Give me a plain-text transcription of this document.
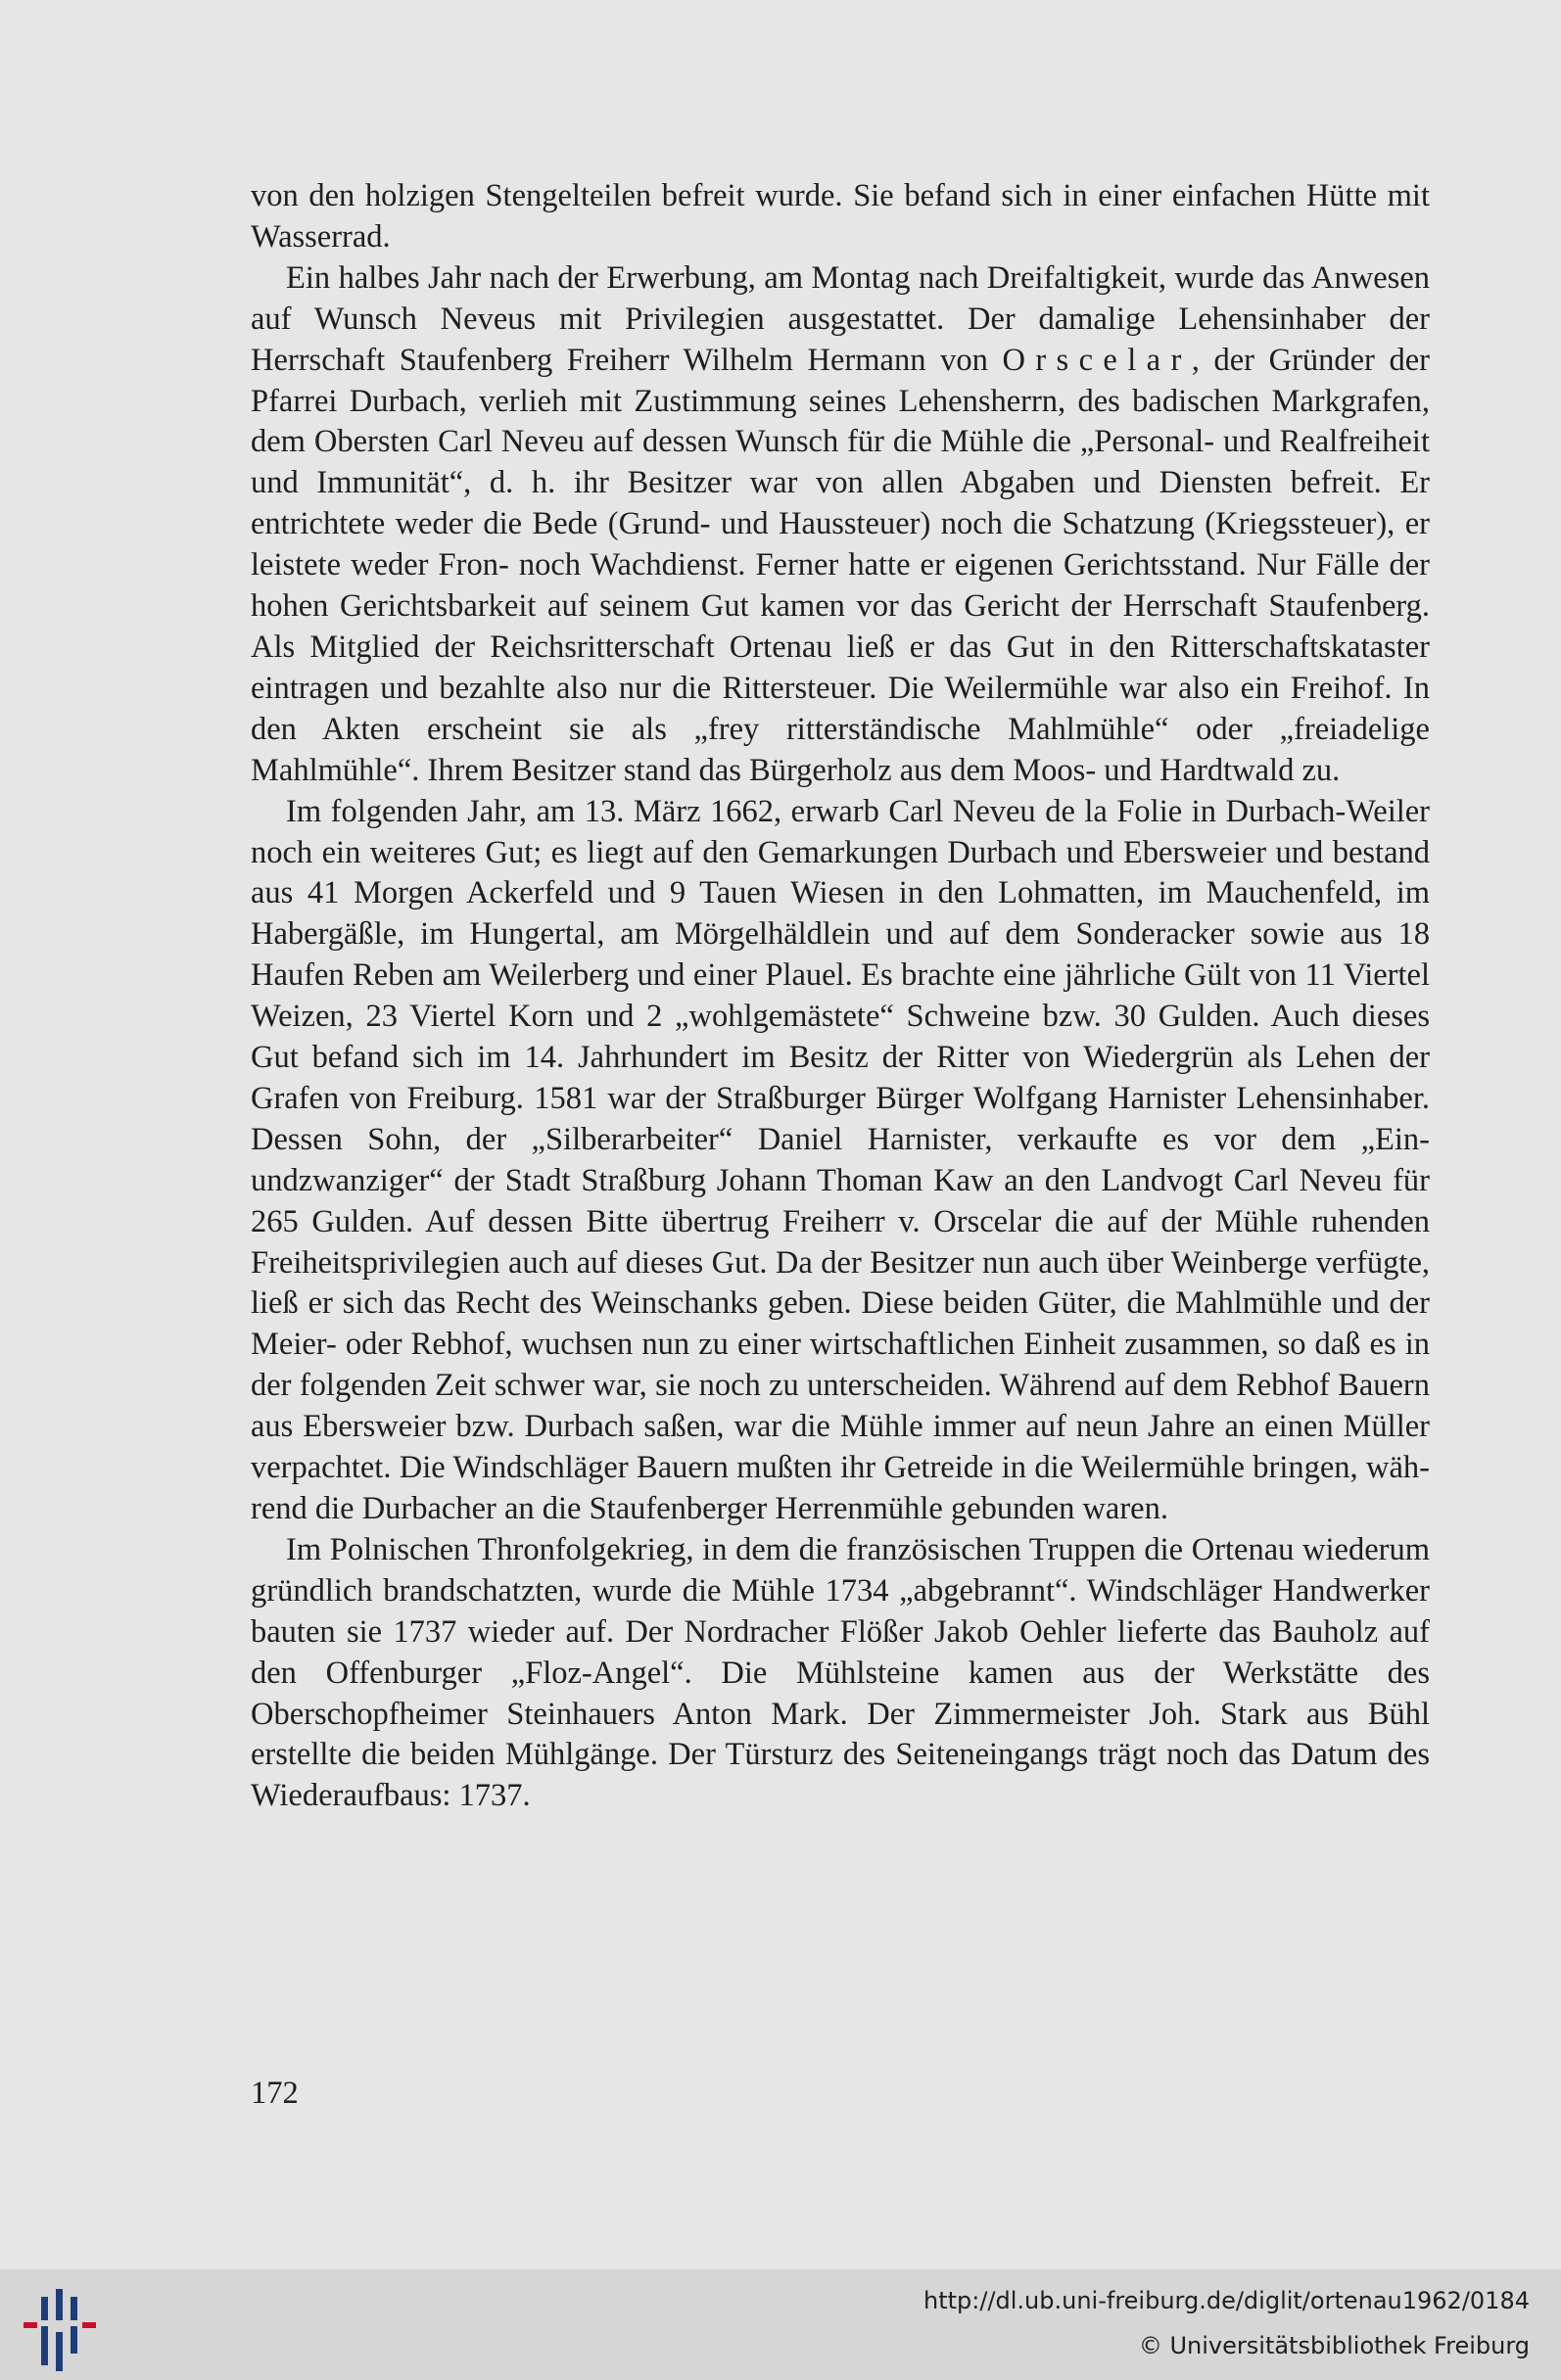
von den holzigen Stengelteilen befreit wurde. Sie befand sich in einer einfachen Hütte mit Wasserrad.

Ein halbes Jahr nach der Erwerbung, am Montag nach Dreifaltigkeit, wurde das Anwesen auf Wunsch Neveus mit Privilegien ausgestattet. Der damalige Lehensinhaber der Herrschaft Staufenberg Freiherr Wilhelm Hermann von Orscelar, der Gründer der Pfarrei Durbach, verlieh mit Zustimmung seines Lehensherrn, des badischen Markgrafen, dem Obersten Carl Neveu auf dessen Wunsch für die Mühle die „Personal- und Realfreiheit und Immunität“, d. h. ihr Besitzer war von allen Abgaben und Diensten befreit. Er entrichtete weder die Bede (Grund- und Haussteuer) noch die Schatzung (Kriegssteuer), er leistete weder Fron- noch Wachdienst. Ferner hatte er eigenen Gerichtsstand. Nur Fälle der hohen Gerichtsbarkeit auf seinem Gut kamen vor das Gericht der Herrschaft Staufenberg. Als Mitglied der Reichsritterschaft Ortenau ließ er das Gut in den Ritterschaftskataster eintragen und bezahlte also nur die Rittersteuer. Die Weilermühle war also ein Freihof. In den Akten erscheint sie als „frey ritterständische Mahlmühle“ oder „freiadelige Mahlmühle“. Ihrem Besitzer stand das Bürgerholz aus dem Moos- und Hardtwald zu.

Im folgenden Jahr, am 13. März 1662, erwarb Carl Neveu de la Folie in Durbach-Weiler noch ein weiteres Gut; es liegt auf den Gemarkungen Durbach und Ebersweier und bestand aus 41 Morgen Ackerfeld und 9 Tauen Wiesen in den Lohmatten, im Mauchenfeld, im Habergäßle, im Hungertal, am Mörgelhäldlein und auf dem Sonderacker sowie aus 18 Haufen Reben am Weilerberg und einer Plauel. Es brachte eine jährliche Gült von 11 Viertel Weizen, 23 Viertel Korn und 2 „wohlgemästete“ Schweine bzw. 30 Gulden. Auch dieses Gut befand sich im 14. Jahrhundert im Besitz der Ritter von Wiedergrün als Lehen der Grafen von Freiburg. 1581 war der Straßburger Bürger Wolfgang Harnister Lehensinhaber. Dessen Sohn, der „Silberarbeiter“ Daniel Harnister, verkaufte es vor dem „Einundzwanziger“ der Stadt Straßburg Johann Thoman Kaw an den Landvogt Carl Neveu für 265 Gulden. Auf dessen Bitte übertrug Freiherr v. Orscelar die auf der Mühle ruhenden Freiheitsprivilegien auch auf dieses Gut. Da der Besitzer nun auch über Weinberge verfügte, ließ er sich das Recht des Weinschanks geben. Diese beiden Güter, die Mahlmühle und der Meier- oder Rebhof, wuchsen nun zu einer wirtschaftlichen Einheit zusammen, so daß es in der folgenden Zeit schwer war, sie noch zu unterscheiden. Während auf dem Rebhof Bauern aus Ebersweier bzw. Durbach saßen, war die Mühle immer auf neun Jahre an einen Müller verpachtet. Die Windschläger Bauern mußten ihr Getreide in die Weilermühle bringen, während die Durbacher an die Staufenberger Herrenmühle gebunden waren.

Im Polnischen Thronfolgekrieg, in dem die französischen Truppen die Ortenau wiederum gründlich brandschatzten, wurde die Mühle 1734 „abgebrannt“. Windschläger Handwerker bauten sie 1737 wieder auf. Der Nordracher Flößer Jakob Oehler lieferte das Bauholz auf den Offenburger „Floz-Angel“. Die Mühlsteine kamen aus der Werkstätte des Oberschopfheimer Steinhauers Anton Mark. Der Zimmermeister Joh. Stark aus Bühl erstellte die beiden Mühlgänge. Der Türsturz des Seiteneingangs trägt noch das Datum des Wiederaufbaus: 1737.

172
http://dl.ub.uni-freiburg.de/diglit/ortenau1962/0184
© Universitätsbibliothek Freiburg
